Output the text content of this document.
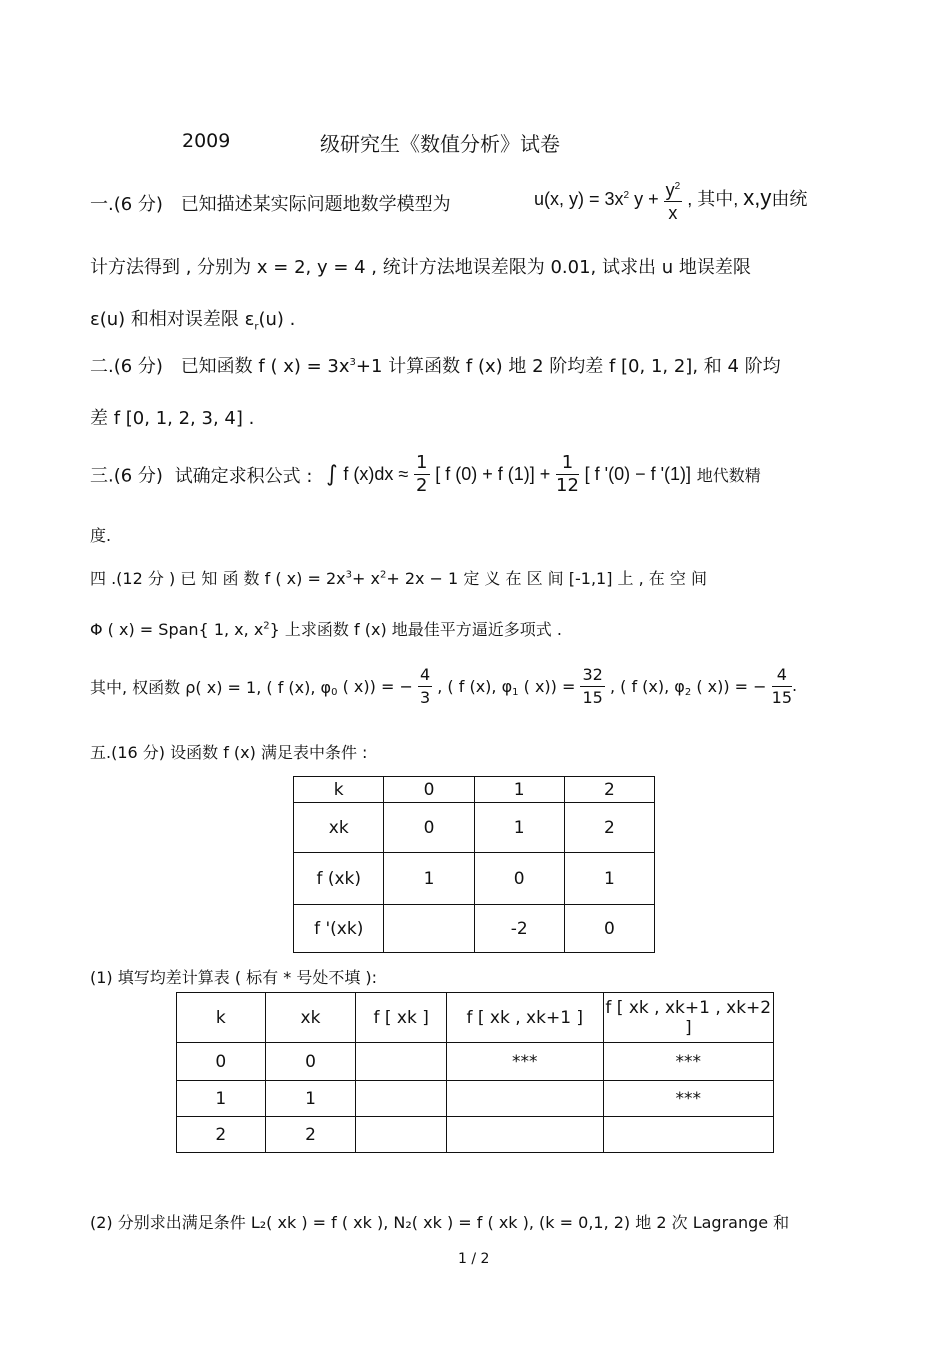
2009	级研究生《数值分析》试卷
一.(6 分) 已知描述某实际问题地数学模型为	u(x, $y) = 3x^2$ $y + \frac{y^2}{x}$ , 其中, x,y由统
计方法得到 , 分别为 x = 2, y = 4 , 统计方法地误差限为 0.01, 试求出 u 地误差限
ε(u) 和相对误差限 $\varepsilon_r(u)$ .
二.(6 分) 已知函数 f ( $x) = 3x^3+1$ 计算函数 f (x) 地 2 阶均差 f [0, 1, 2], 和 4 阶均
差 f [0, 1, 2, 3, 4] .
三.(6 分) 试确定求积公式 : ∫ f $(x)dx \approx \frac{1}{2}$ [ f (0) + f $(1)] + \frac{1}{12}$ [ f '(0) − f '(1)] 地代数精
度.
四 .(12 分 ) 已 知 函 数 f ( $x) = 2x^3+ x^2+ 2x - 1$ 定 义 在 区 间 [-1,1] 上 , 在 空 间
Φ ( x) = Span{ 1, x, $x^2$} 上求函数 f (x) 地最佳平方逼近多项式 .
其中, 权函数 ρ( x) = 1, ( f (x), $\varphi_0$ ( x)) = − $\frac{4}{3}$ , ( f (x), $\varphi_1$ ( $x)) = \frac{32}{15}$ , ( f (x), $\varphi_2$ ( x)) = − $\frac{4}{15}$ .
五.(16 分) 设函数 f (x) 满足表中条件 :
k	0	1	2
xk	0	1	2
f (xk)	1	0	1
f '(xk)		-2	0
(1) 填写均差计算表 ( 标有 * 号处不填 ):
k	xk	f [ xk ]	f [ xk , xk+1 ]	f [ xk , xk+1 , xk+2 ]
0	0		***	***
1	1			***
2	2			
(2) 分别求出满足条件 L₂( xk ) = f ( xk ), N₂( xk ) = f ( xk ), (k = 0,1, 2) 地 2 次 Lagrange 和
1 / 2
